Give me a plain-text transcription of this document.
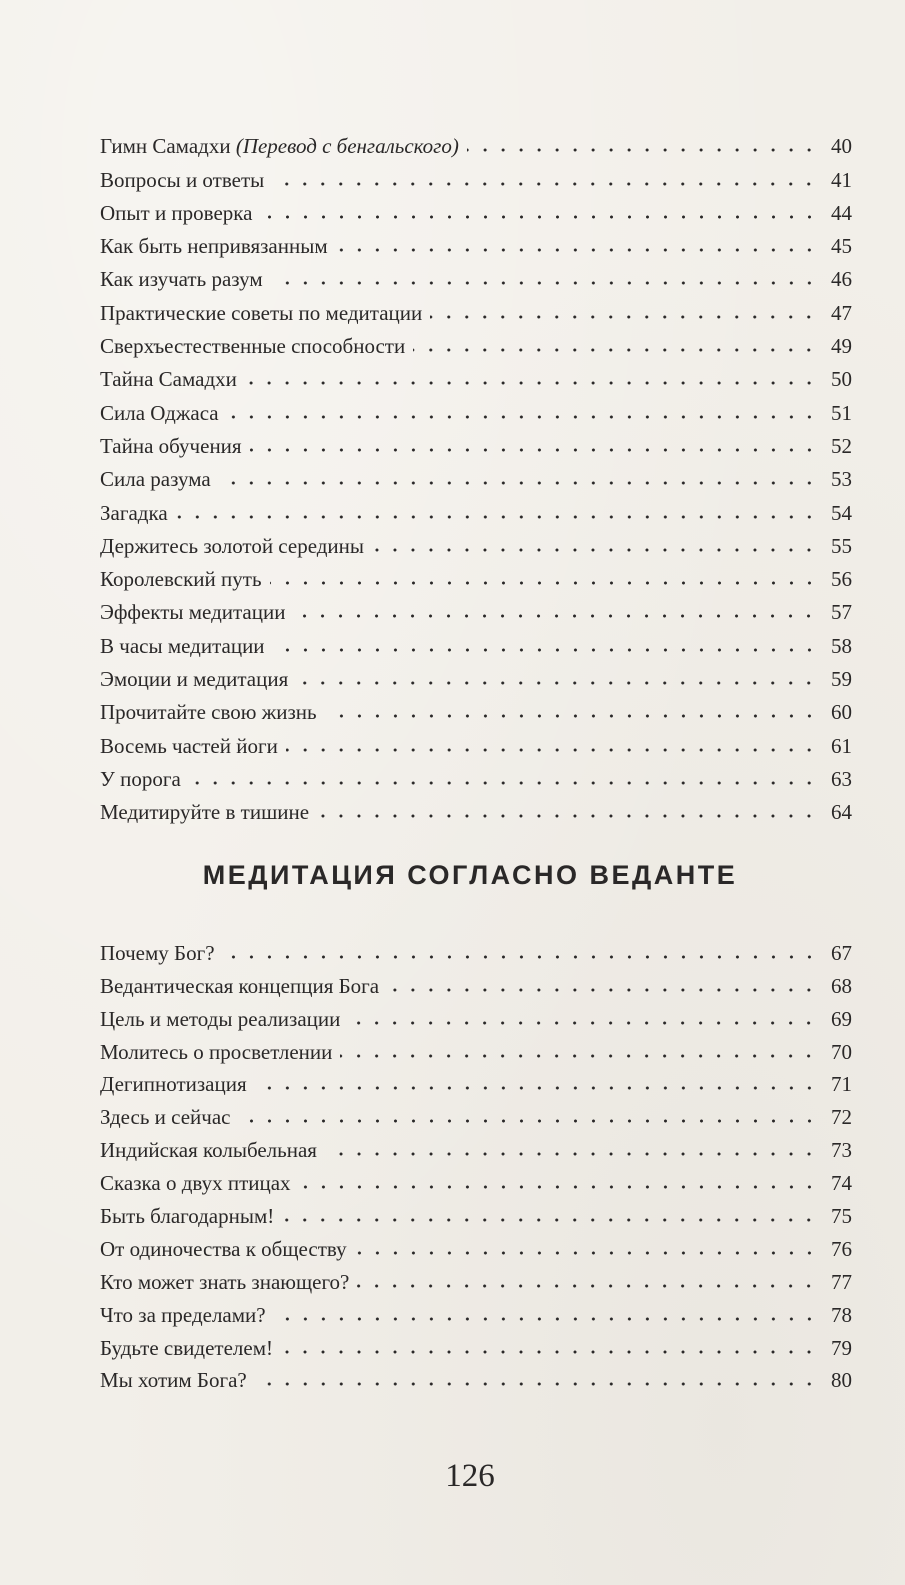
Гимн Самадхи (Перевод с бенгальского)	40
Вопросы и ответы	41
Опыт и проверка	44
Как быть непривязанным	45
Как изучать разум	46
Практические советы по медитации	47
Сверхъестественные способности	49
Тайна Самадхи	50
Сила Оджаса	51
Тайна обучения	52
Сила разума	53
Загадка	54
Держитесь золотой середины	55
Королевский путь	56
Эффекты медитации	57
В часы медитации	58
Эмоции и медитация	59
Прочитайте свою жизнь	60
Восемь частей йоги	61
У порога	63
Медитируйте в тишине	64
МЕДИТАЦИЯ СОГЛАСНО ВЕДАНТЕ
Почему Бог?	67
Ведантическая концепция Бога	68
Цель и методы реализации	69
Молитесь о просветлении	70
Дегипнотизация	71
Здесь и сейчас	72
Индийская колыбельная	73
Сказка о двух птицах	74
Быть благодарным!	75
От одиночества к обществу	76
Кто может знать знающего?	77
Что за пределами?	78
Будьте свидетелем!	79
Мы хотим Бога?	80
126
